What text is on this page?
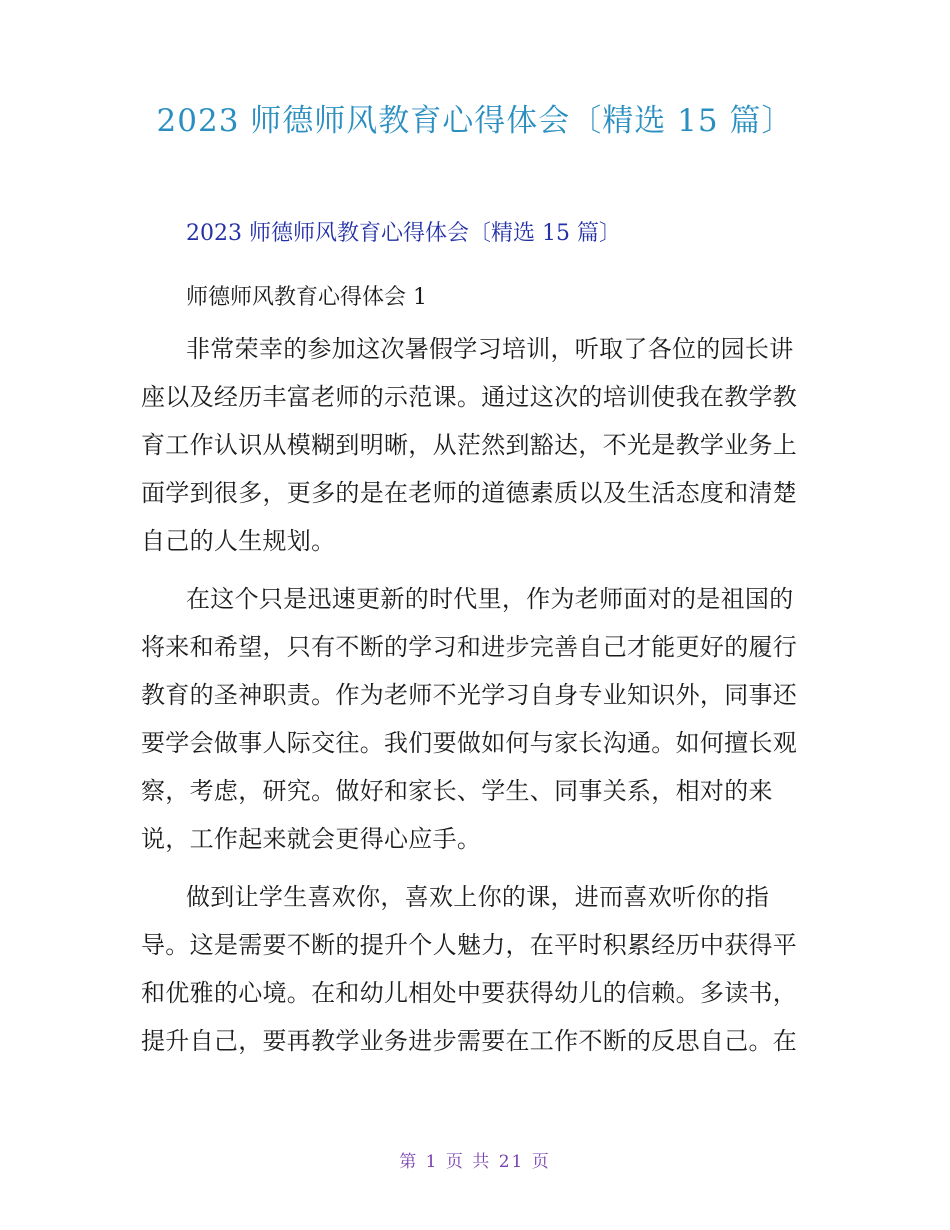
2023 师德师风教育心得体会〔精选 15 篇〕
2023 师德师风教育心得体会〔精选 15 篇〕
师德师风教育心得体会 1
非常荣幸的参加这次暑假学习培训，听取了各位的园长讲
座以及经历丰富老师的示范课。通过这次的培训使我在教学教
育工作认识从模糊到明晰，从茫然到豁达，不光是教学业务上
面学到很多，更多的是在老师的道德素质以及生活态度和清楚
自己的人生规划。
在这个只是迅速更新的时代里，作为老师面对的是祖国的
将来和希望，只有不断的学习和进步完善自己才能更好的履行
教育的圣神职责。作为老师不光学习自身专业知识外，同事还
要学会做事人际交往。我们要做如何与家长沟通。如何擅长观
察，考虑，研究。做好和家长、学生、同事关系，相对的来
说，工作起来就会更得心应手。
做到让学生喜欢你，喜欢上你的课，进而喜欢听你的指
导。这是需要不断的提升个人魅力，在平时积累经历中获得平
和优雅的心境。在和幼儿相处中要获得幼儿的信赖。多读书，
提升自己，要再教学业务进步需要在工作不断的反思自己。在
第 1 页 共 21 页
